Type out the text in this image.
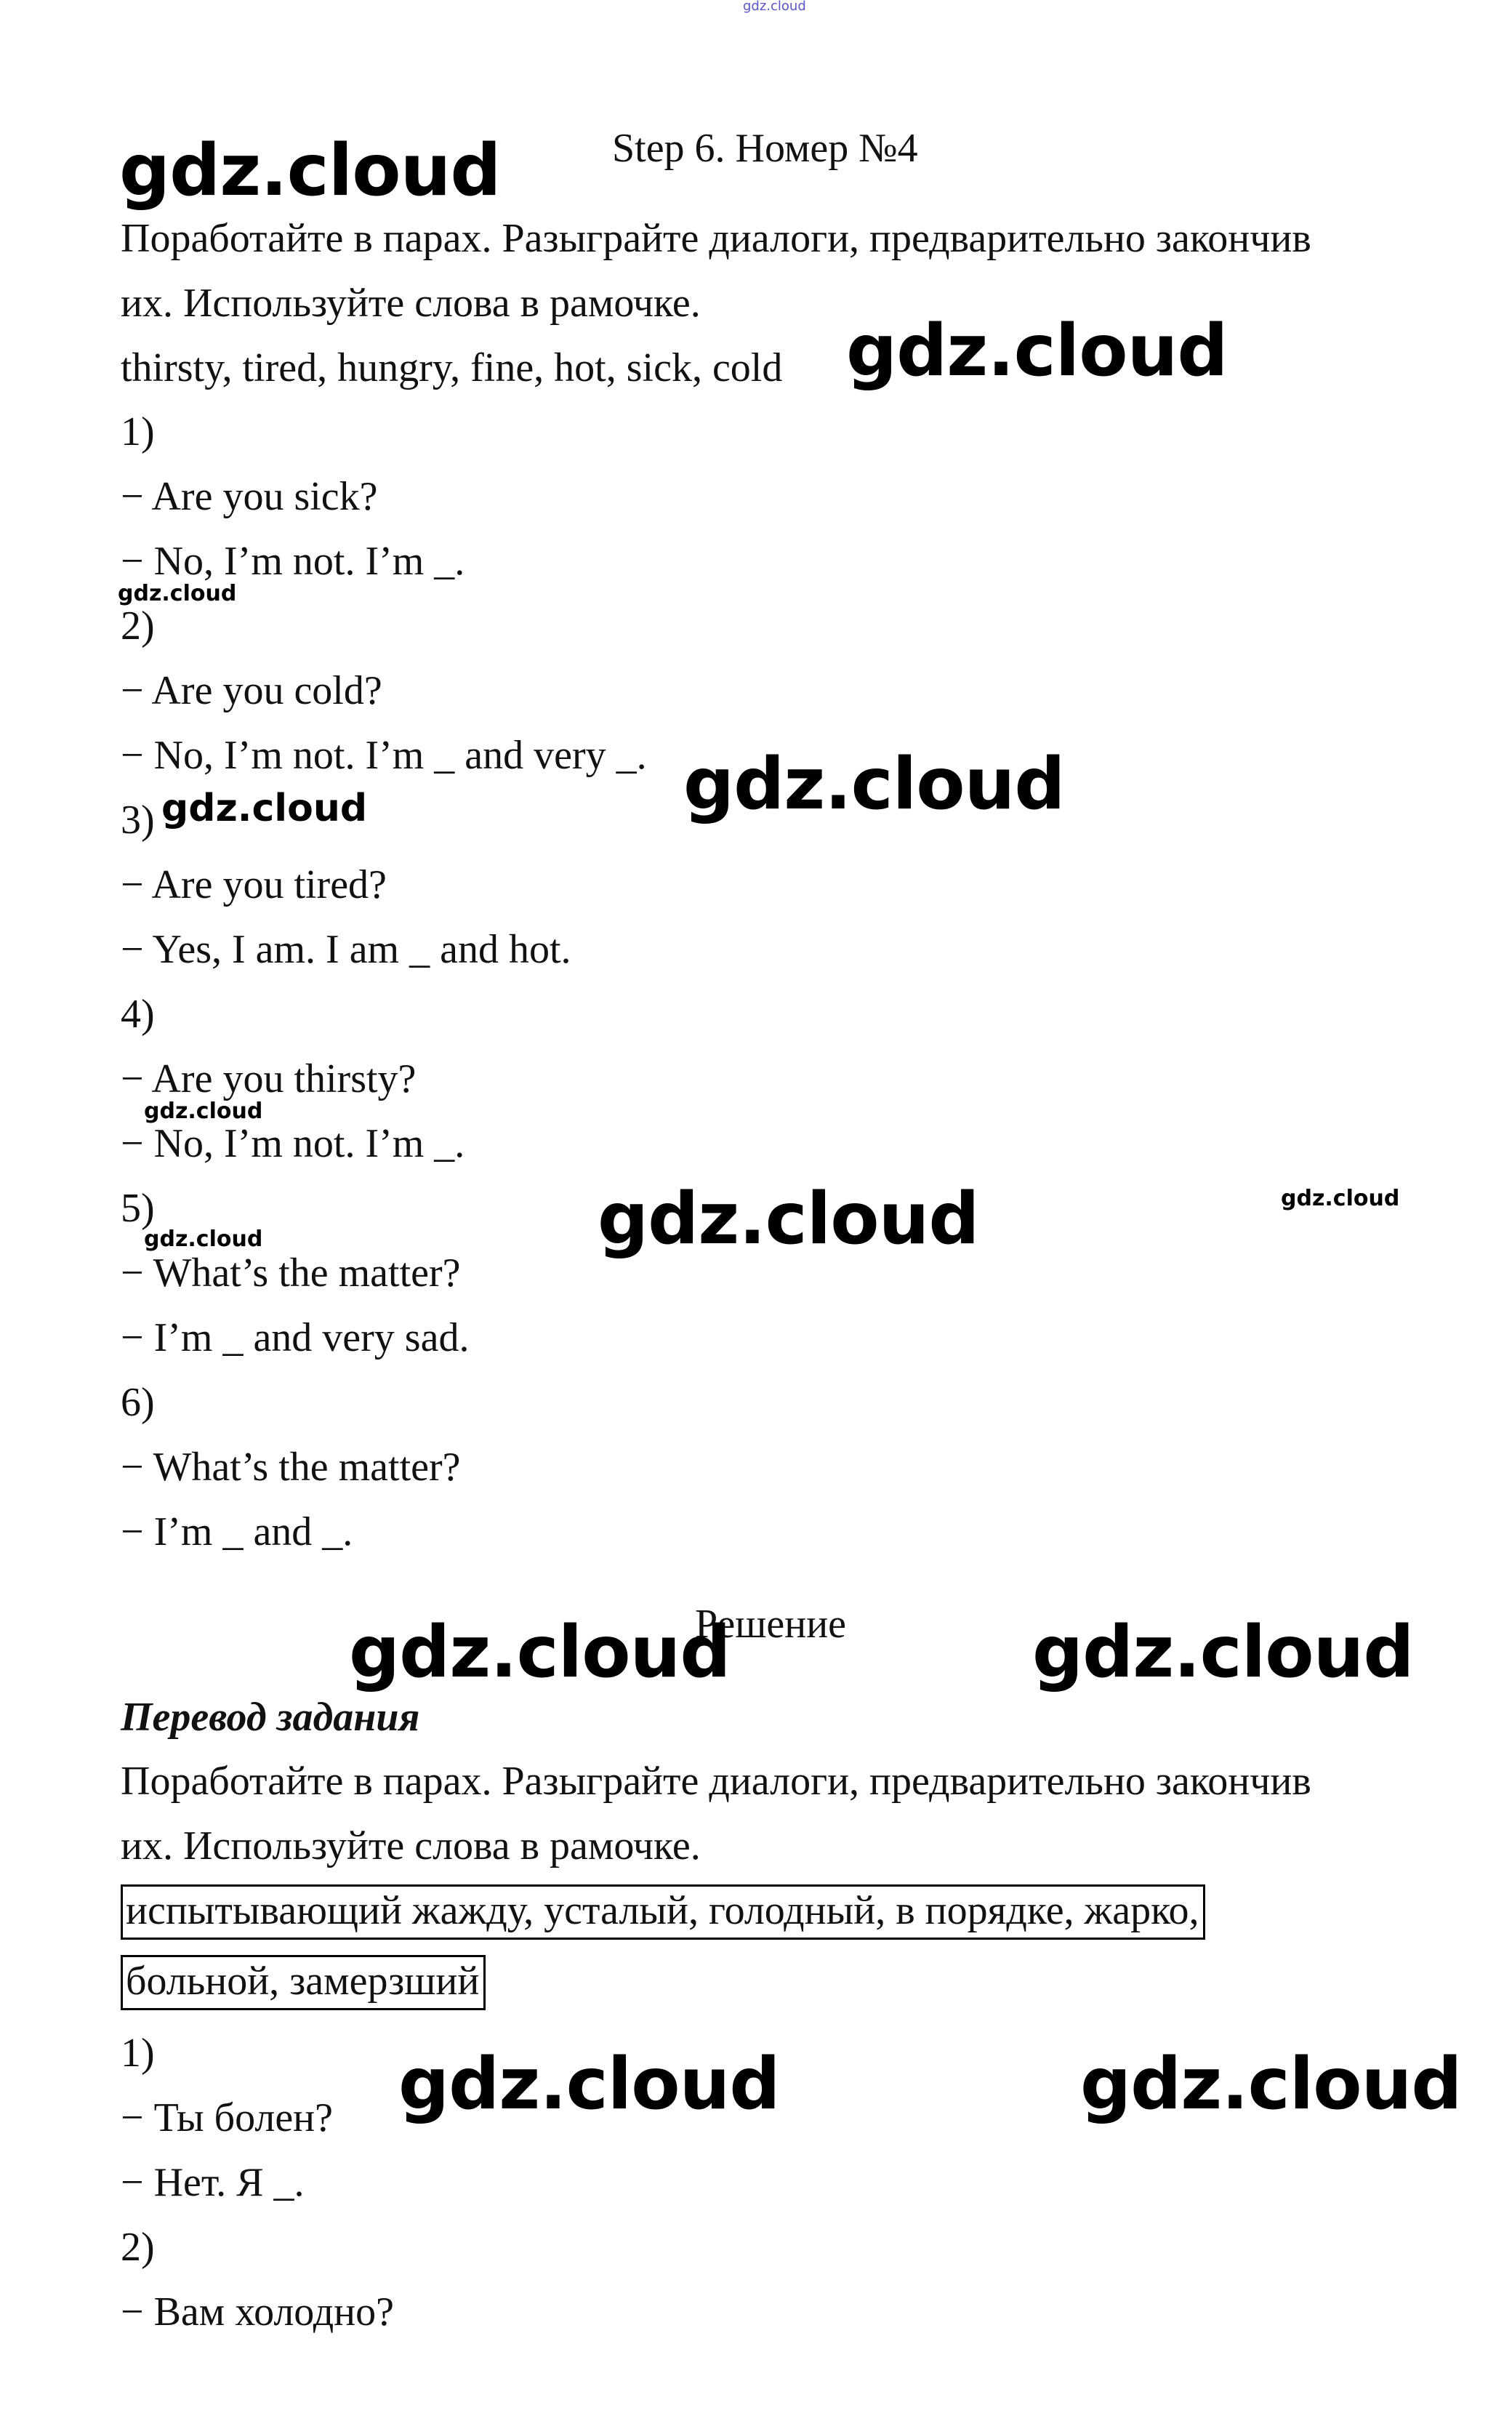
gdz.cloud
gdz.cloud	Step 6. Номер №4
Поработайте в парах. Разыграйте диалоги, предварительно закончив
их. Используйте слова в рамочке.
thirsty, tired, hungry, fine, hot, sick, cold gdz.cloud
1)
− Are you sick?
− No, I’m not. I’m _.
gdz.cloud
2)
− Are you cold?
− No, I’m not. I’m _ and very _. gdz.cloud
3) gdz.cloud
− Are you tired?
− Yes, I am. I am _ and hot.
4)
− Are you thirsty?
gdz.cloud
− No, I’m not. I’m _.
5)	gdz.cloud	gdz.cloud
gdz.cloud
− What’s the matter?
− I’m _ and very sad.
6)
− What’s the matter?
− I’m _ and _.
Решение
gdz.cloud	gdz.cloud
Перевод задания
Поработайте в парах. Разыграйте диалоги, предварительно закончив
их. Используйте слова в рамочке.
испытывающий жажду, усталый, голодный, в порядке, жарко,
больной, замерзший
1)	gdz.cloud	gdz.cloud
− Ты болен?
− Нет. Я _.
2)
− Вам холодно?
